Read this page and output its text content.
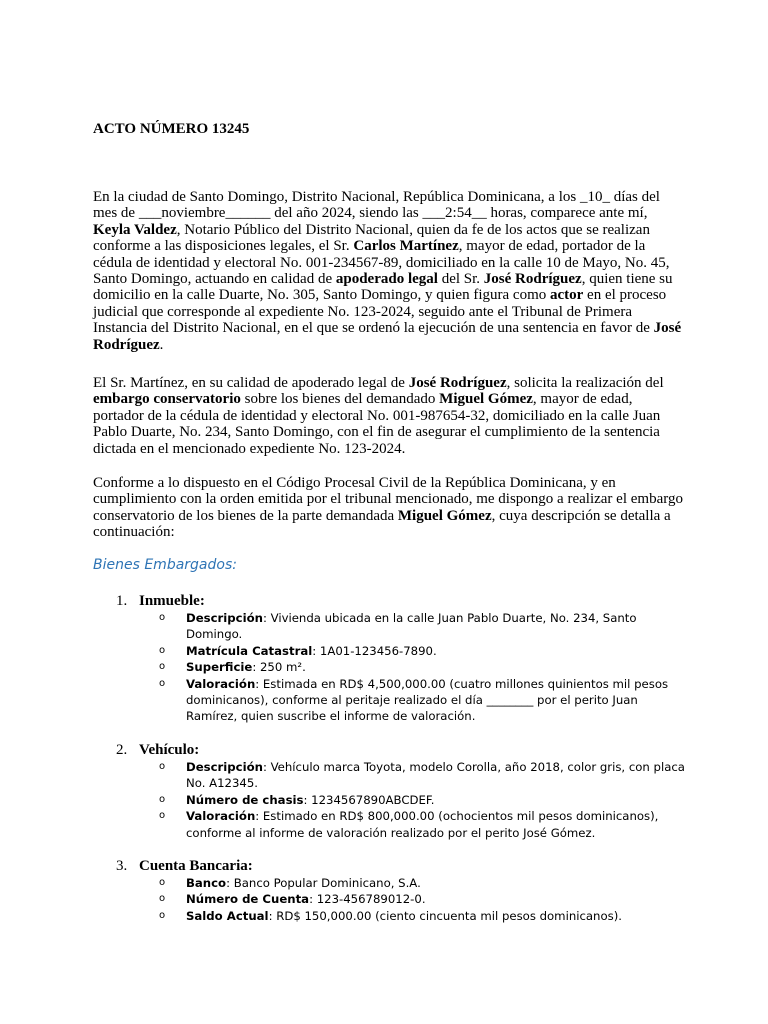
ACTO NÚMERO 13245

En la ciudad de Santo Domingo, Distrito Nacional, República Dominicana, a los _10_ días del mes de ___noviembre______ del año 2024, siendo las ___2:54__ horas, comparece ante mí, Keyla Valdez, Notario Público del Distrito Nacional, quien da fe de los actos que se realizan conforme a las disposiciones legales, el Sr. Carlos Martínez, mayor de edad, portador de la cédula de identidad y electoral No. 001-234567-89, domiciliado en la calle 10 de Mayo, No. 45, Santo Domingo, actuando en calidad de apoderado legal del Sr. José Rodríguez, quien tiene su domicilio en la calle Duarte, No. 305, Santo Domingo, y quien figura como actor en el proceso judicial que corresponde al expediente No. 123-2024, seguido ante el Tribunal de Primera Instancia del Distrito Nacional, en el que se ordenó la ejecución de una sentencia en favor de José Rodríguez.

El Sr. Martínez, en su calidad de apoderado legal de José Rodríguez, solicita la realización del embargo conservatorio sobre los bienes del demandado Miguel Gómez, mayor de edad, portador de la cédula de identidad y electoral No. 001-987654-32, domiciliado en la calle Juan Pablo Duarte, No. 234, Santo Domingo, con el fin de asegurar el cumplimiento de la sentencia dictada en el mencionado expediente No. 123-2024.

Conforme a lo dispuesto en el Código Procesal Civil de la República Dominicana, y en cumplimiento con la orden emitida por el tribunal mencionado, me dispongo a realizar el embargo conservatorio de los bienes de la parte demandada Miguel Gómez, cuya descripción se detalla a continuación:

Bienes Embargados:
1. Inmueble:
o Descripción: Vivienda ubicada en la calle Juan Pablo Duarte, No. 234, Santo Domingo.
o Matrícula Catastral: 1A01-123456-7890.
o Superficie: 250 m².
o Valoración: Estimada en RD$ 4,500,000.00 (cuatro millones quinientos mil pesos dominicanos), conforme al peritaje realizado el día ________ por el perito Juan Ramírez, quien suscribe el informe de valoración.
2. Vehículo:
o Descripción: Vehículo marca Toyota, modelo Corolla, año 2018, color gris, con placa No. A12345.
o Número de chasis: 1234567890ABCDEF.
o Valoración: Estimado en RD$ 800,000.00 (ochocientos mil pesos dominicanos), conforme al informe de valoración realizado por el perito José Gómez.
3. Cuenta Bancaria:
o Banco: Banco Popular Dominicano, S.A.
o Número de Cuenta: 123-456789012-0.
o Saldo Actual: RD$ 150,000.00 (ciento cincuenta mil pesos dominicanos).
